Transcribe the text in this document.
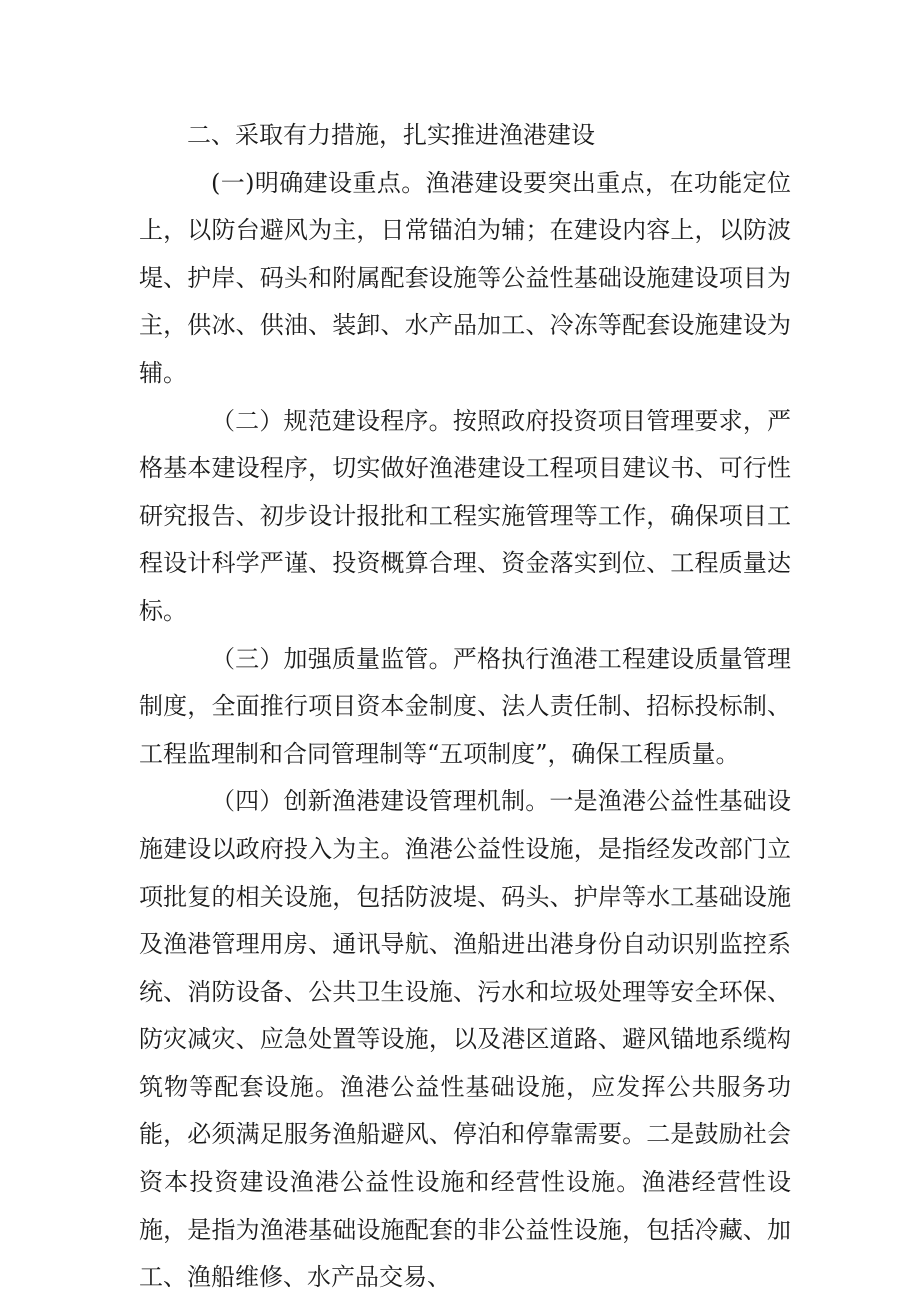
二、采取有力措施，扎实推进渔港建设

(一)明确建设重点。渔港建设要突出重点，在功能定位上，以防台避风为主，日常锚泊为辅；在建设内容上，以防波堤、护岸、码头和附属配套设施等公益性基础设施建设项目为主，供冰、供油、装卸、水产品加工、冷冻等配套设施建设为辅。

（二）规范建设程序。按照政府投资项目管理要求，严格基本建设程序，切实做好渔港建设工程项目建议书、可行性研究报告、初步设计报批和工程实施管理等工作，确保项目工程设计科学严谨、投资概算合理、资金落实到位、工程质量达标。

（三）加强质量监管。严格执行渔港工程建设质量管理制度，全面推行项目资本金制度、法人责任制、招标投标制、工程监理制和合同管理制等“五项制度”，确保工程质量。

（四）创新渔港建设管理机制。一是渔港公益性基础设施建设以政府投入为主。渔港公益性设施，是指经发改部门立项批复的相关设施，包括防波堤、码头、护岸等水工基础设施及渔港管理用房、通讯导航、渔船进出港身份自动识别监控系统、消防设备、公共卫生设施、污水和垃圾处理等安全环保、防灾减灾、应急处置等设施，以及港区道路、避风锚地系缆构筑物等配套设施。渔港公益性基础设施，应发挥公共服务功能，必须满足服务渔船避风、停泊和停靠需要。二是鼓励社会资本投资建设渔港公益性设施和经营性设施。渔港经营性设施，是指为渔港基础设施配套的非公益性设施，包括冷藏、加工、渔船维修、水产品交易、
